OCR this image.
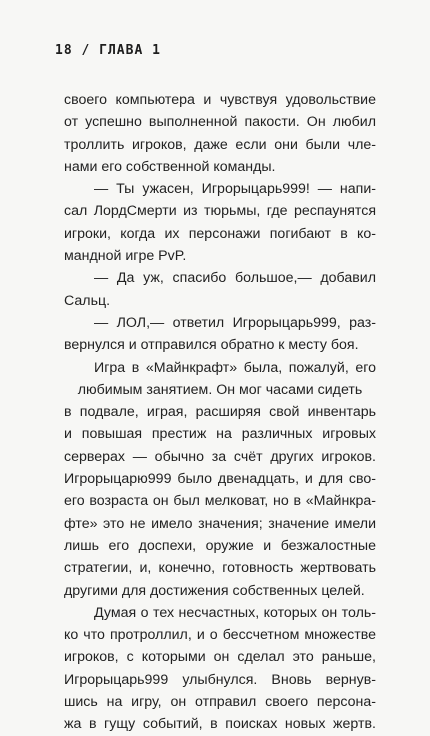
18 / ГЛАВА 1
своего компьютера и чувствуя удовольствие
от успешно выполненной пакости. Он любил
троллить игроков, даже если они были чле-
нами его собственной команды.
— Ты ужасен, Игрорыцарь999! — напи-
сал ЛордСмерти из тюрьмы, где респаунятся
игроки, когда их персонажи погибают в ко-
мандной игре PvP.
— Да уж, спасибо большое,— добавил
Сальц.
— ЛОЛ,— ответил Игрорыцарь999, раз-
вернулся и отправился обратно к месту боя.
Игра в «Майнкрафт» была, пожалуй, его
любимым занятием. Он мог часами сидеть
в подвале, играя, расширяя свой инвентарь
и повышая престиж на различных игровых
серверах — обычно за счёт других игроков.
Игрорыцарю999 было двенадцать, и для сво-
его возраста он был мелковат, но в «Майнкра-
фте» это не имело значения; значение имели
лишь его доспехи, оружие и безжалостные
стратегии, и, конечно, готовность жертвовать
другими для достижения собственных целей.
Думая о тех несчастных, которых он толь-
ко что протроллил, и о бессчетном множестве
игроков, с которыми он сделал это раньше,
Игрорыцарь999 улыбнулся. Вновь вернув-
шись на игру, он отправил своего персона-
жа в гущу событий, в поисках новых жертв.
